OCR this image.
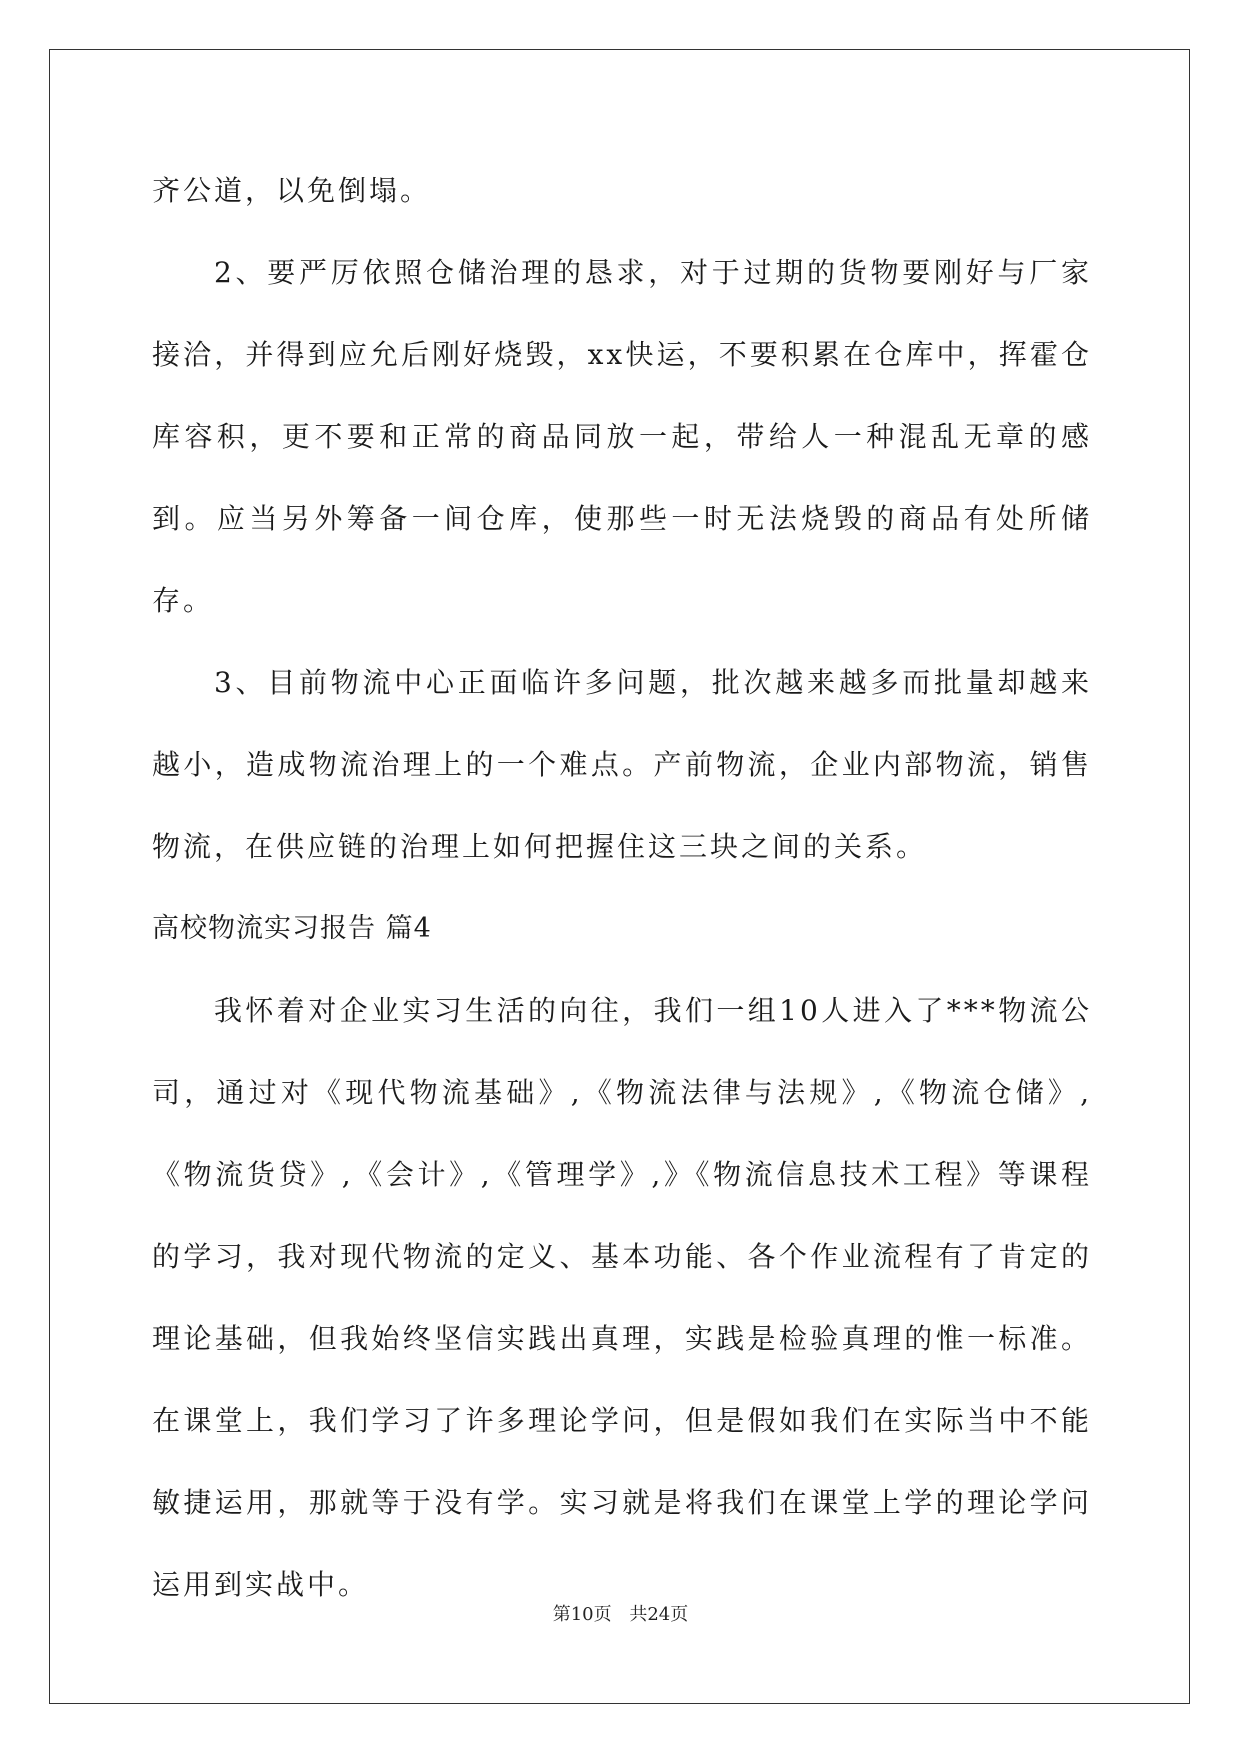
齐公道，以免倒塌。

2、要严厉依照仓储治理的恳求，对于过期的货物要刚好与厂家接洽，并得到应允后刚好烧毁，xx快运，不要积累在仓库中，挥霍仓库容积，更不要和正常的商品同放一起，带给人一种混乱无章的感到。应当另外筹备一间仓库，使那些一时无法烧毁的商品有处所储存。

3、目前物流中心正面临许多问题，批次越来越多而批量却越来越小，造成物流治理上的一个难点。产前物流，企业内部物流，销售物流，在供应链的治理上如何把握住这三块之间的关系。

高校物流实习报告 篇4

我怀着对企业实习生活的向往，我们一组10人进入了***物流公司，通过对《现代物流基础》,《物流法律与法规》,《物流仓储》,《物流货贷》,《会计》,《管理学》,》《物流信息技术工程》等课程的学习，我对现代物流的定义、基本功能、各个作业流程有了肯定的理论基础，但我始终坚信实践出真理，实践是检验真理的惟一标准。在课堂上，我们学习了许多理论学问，但是假如我们在实际当中不能敏捷运用，那就等于没有学。实习就是将我们在课堂上学的理论学问运用到实战中。

第10页 共24页
